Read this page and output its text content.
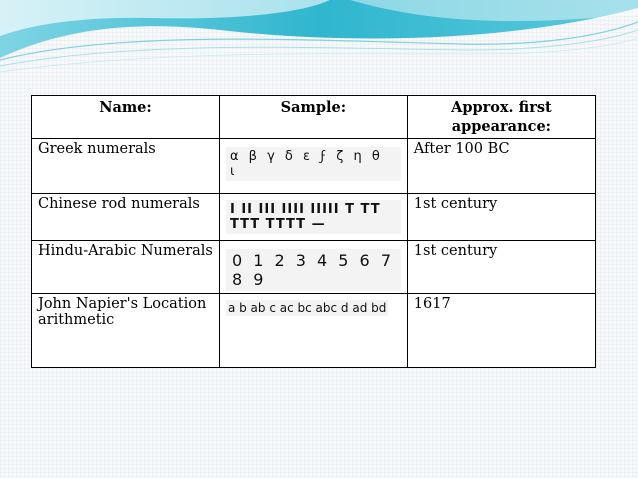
Name:	Sample:	Approx. first appearance:
Greek numerals	α β γ δ ε ϝ ζ η θ ι	After 100 BC
Chinese rod numerals	I II III IIII IIIII T TT TTT TTTT —	1st century
Hindu-Arabic Numerals	0 1 2 3 4 5 6 7 8 9	1st century
John Napier's Location arithmetic	a b ab c ac bc abc d ad bd	1617
